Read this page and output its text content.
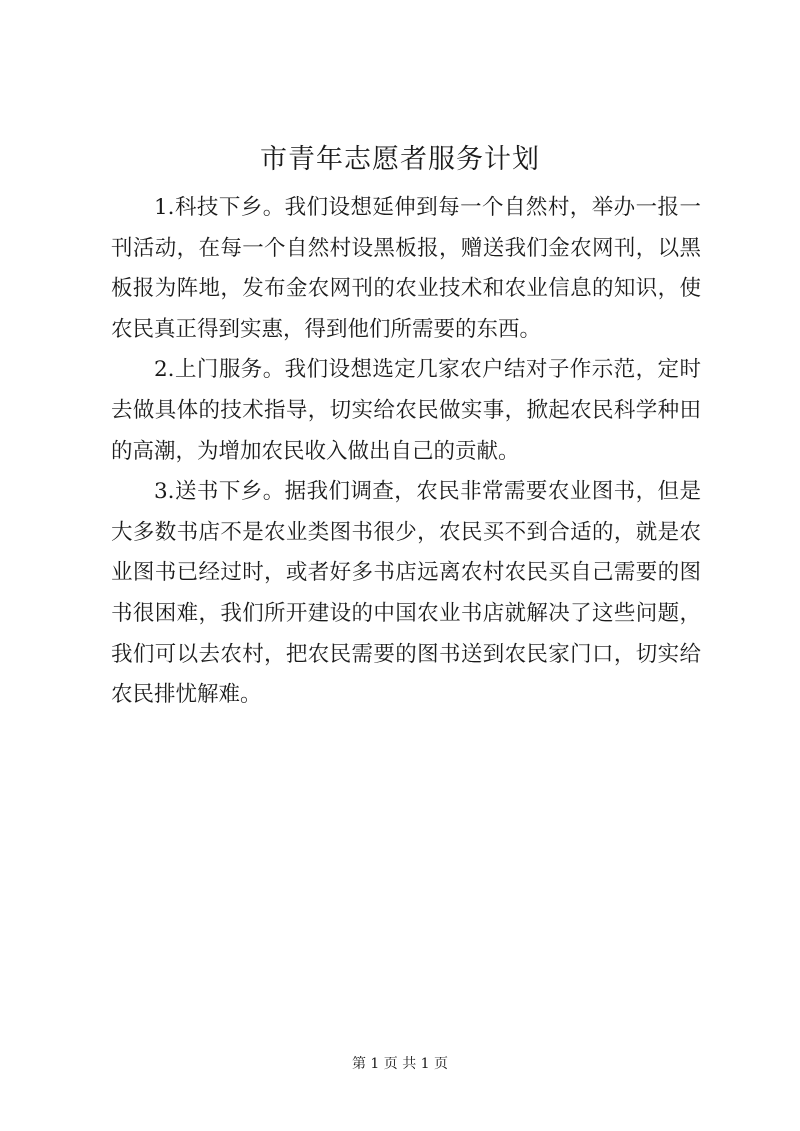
市青年志愿者服务计划

1.科技下乡。我们设想延伸到每一个自然村，举办一报一刊活动，在每一个自然村设黑板报，赠送我们金农网刊，以黑板报为阵地，发布金农网刊的农业技术和农业信息的知识，使农民真正得到实惠，得到他们所需要的东西。

2.上门服务。我们设想选定几家农户结对子作示范，定时去做具体的技术指导，切实给农民做实事，掀起农民科学种田的高潮，为增加农民收入做出自己的贡献。

3.送书下乡。据我们调查，农民非常需要农业图书，但是大多数书店不是农业类图书很少，农民买不到合适的，就是农业图书已经过时，或者好多书店远离农村农民买自己需要的图书很困难，我们所开建设的中国农业书店就解决了这些问题，我们可以去农村，把农民需要的图书送到农民家门口，切实给农民排忧解难。

第 1 页 共 1 页
